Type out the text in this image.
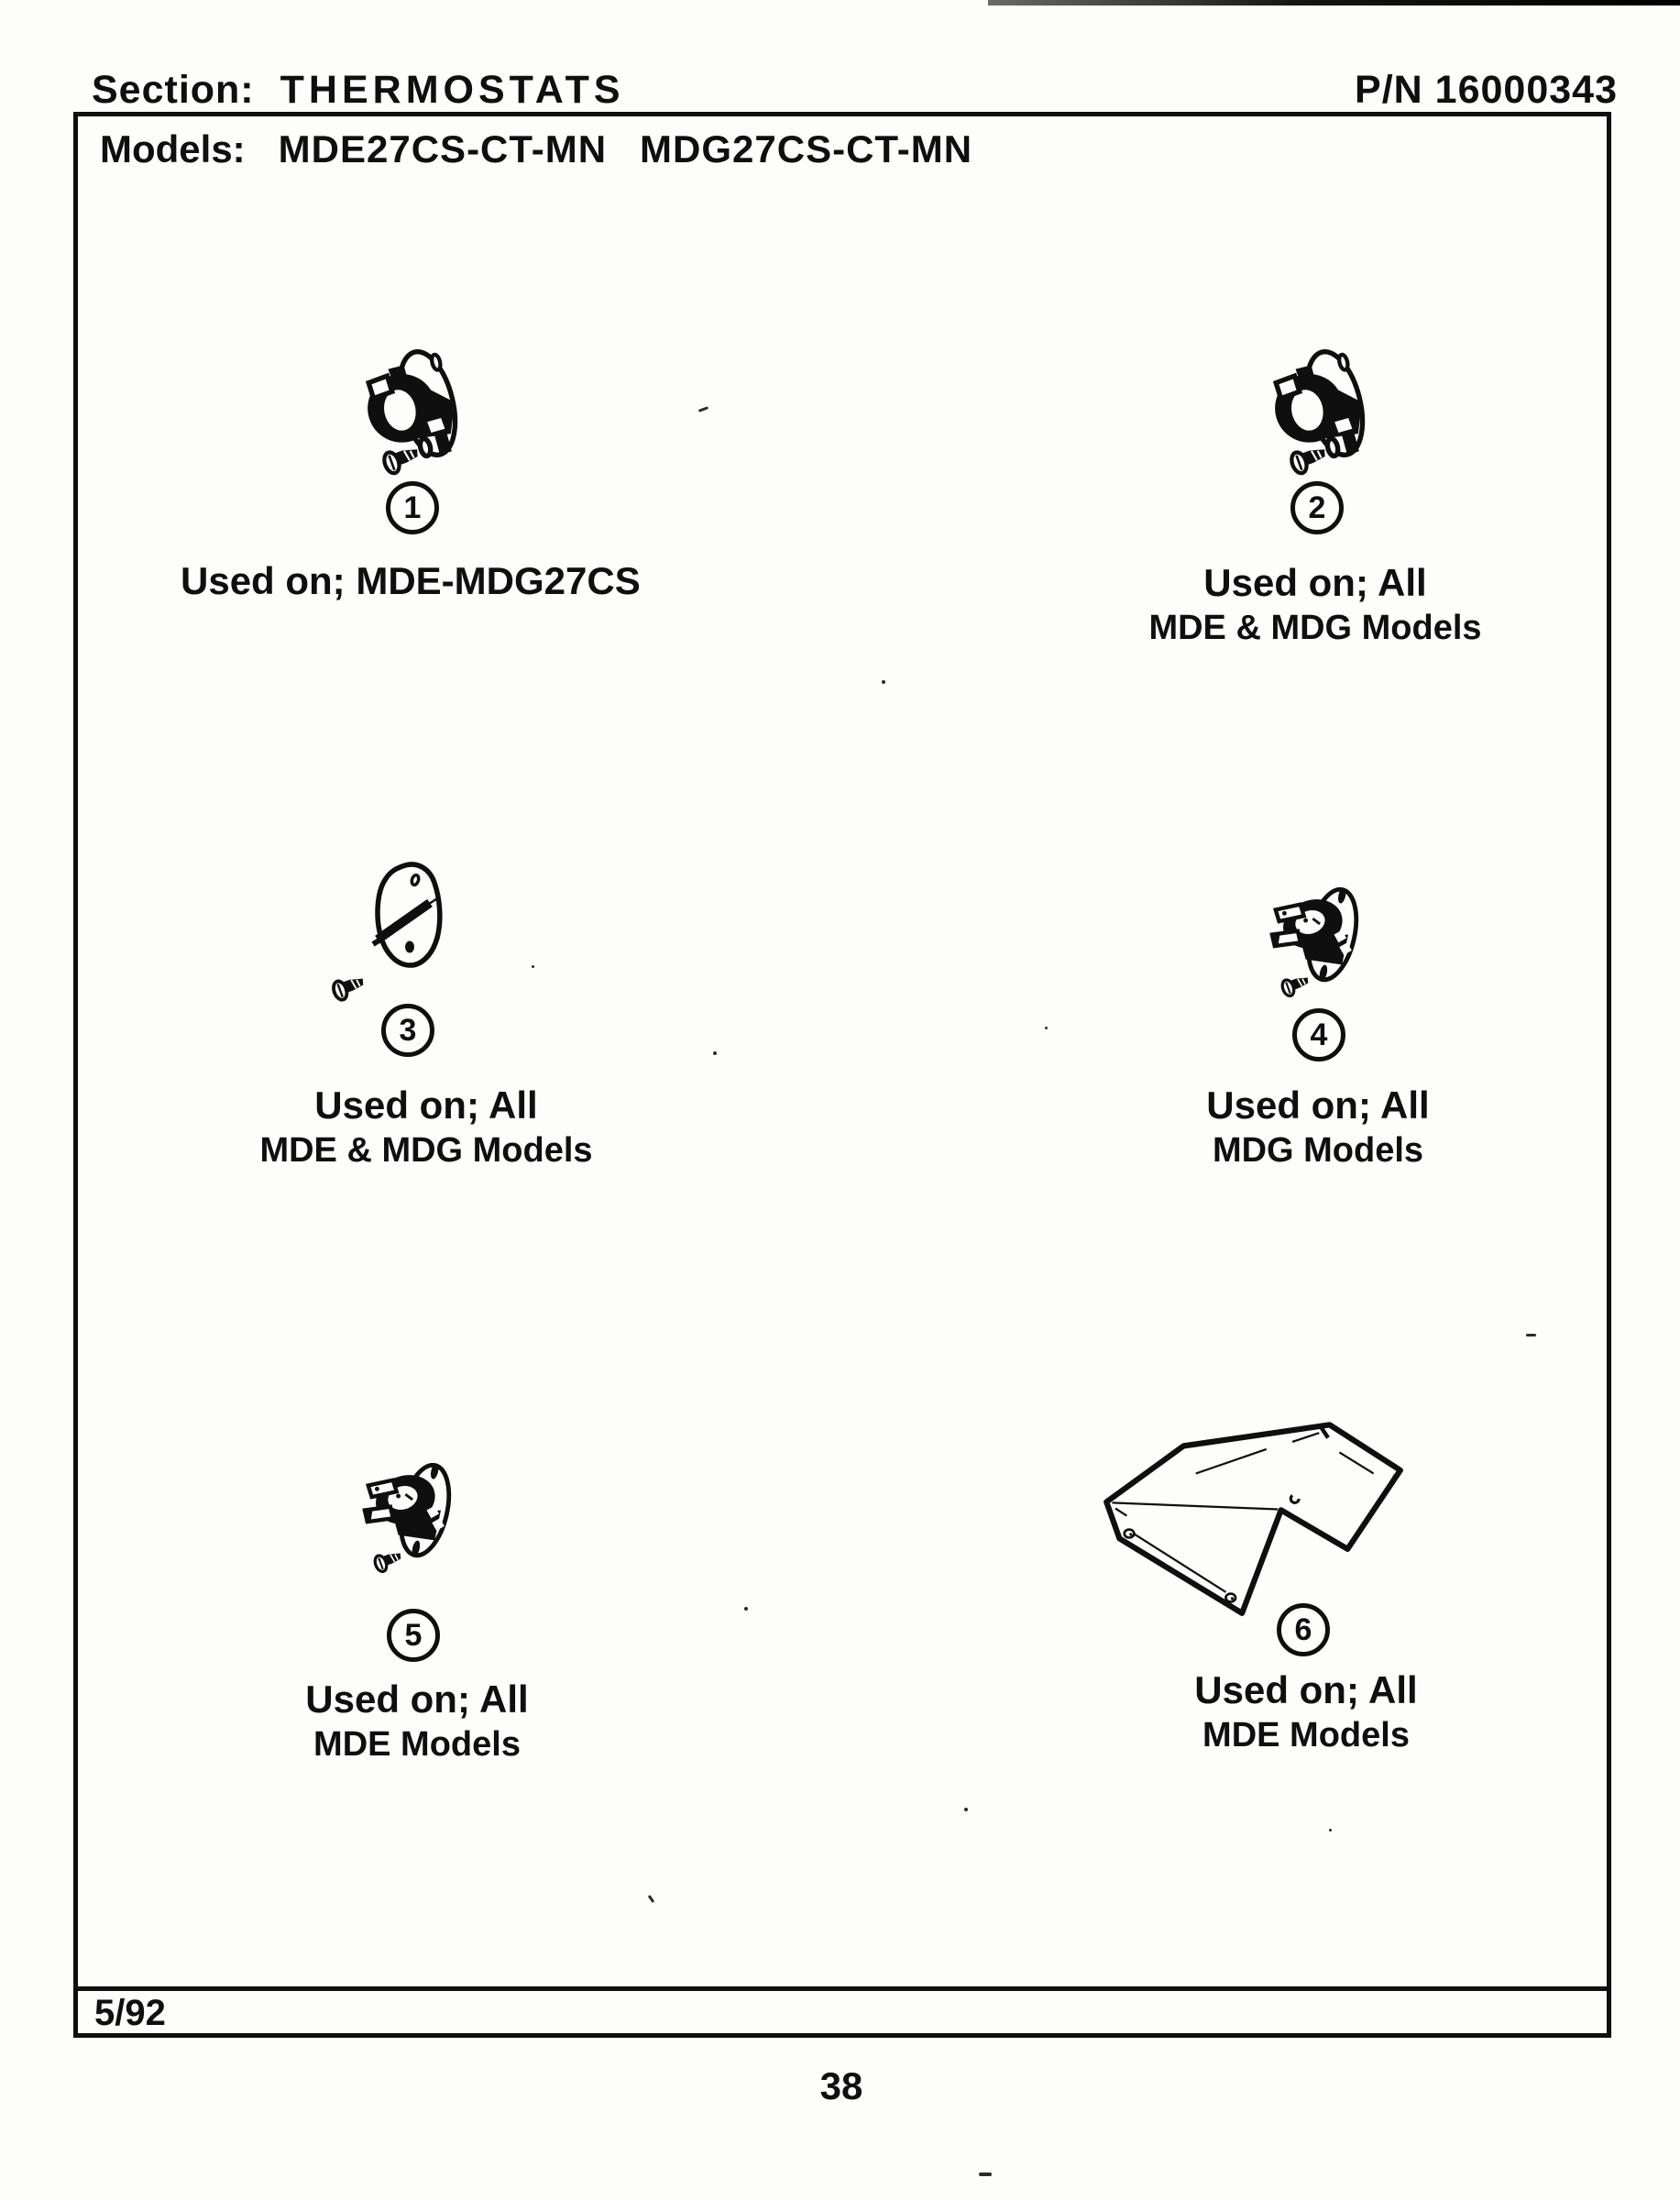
Section: THERMOSTATS	P/N 16000343
Models: MDE27CS-CT-MN MDG27CS-CT-MN
5/92
1
Used on; MDE-MDG27CS
2
Used on; All
MDE & MDG Models
3
Used on; All
MDE & MDG Models
4
Used on; All
MDG Models
5
Used on; All
MDE Models
6
Used on; All
MDE Models
38
